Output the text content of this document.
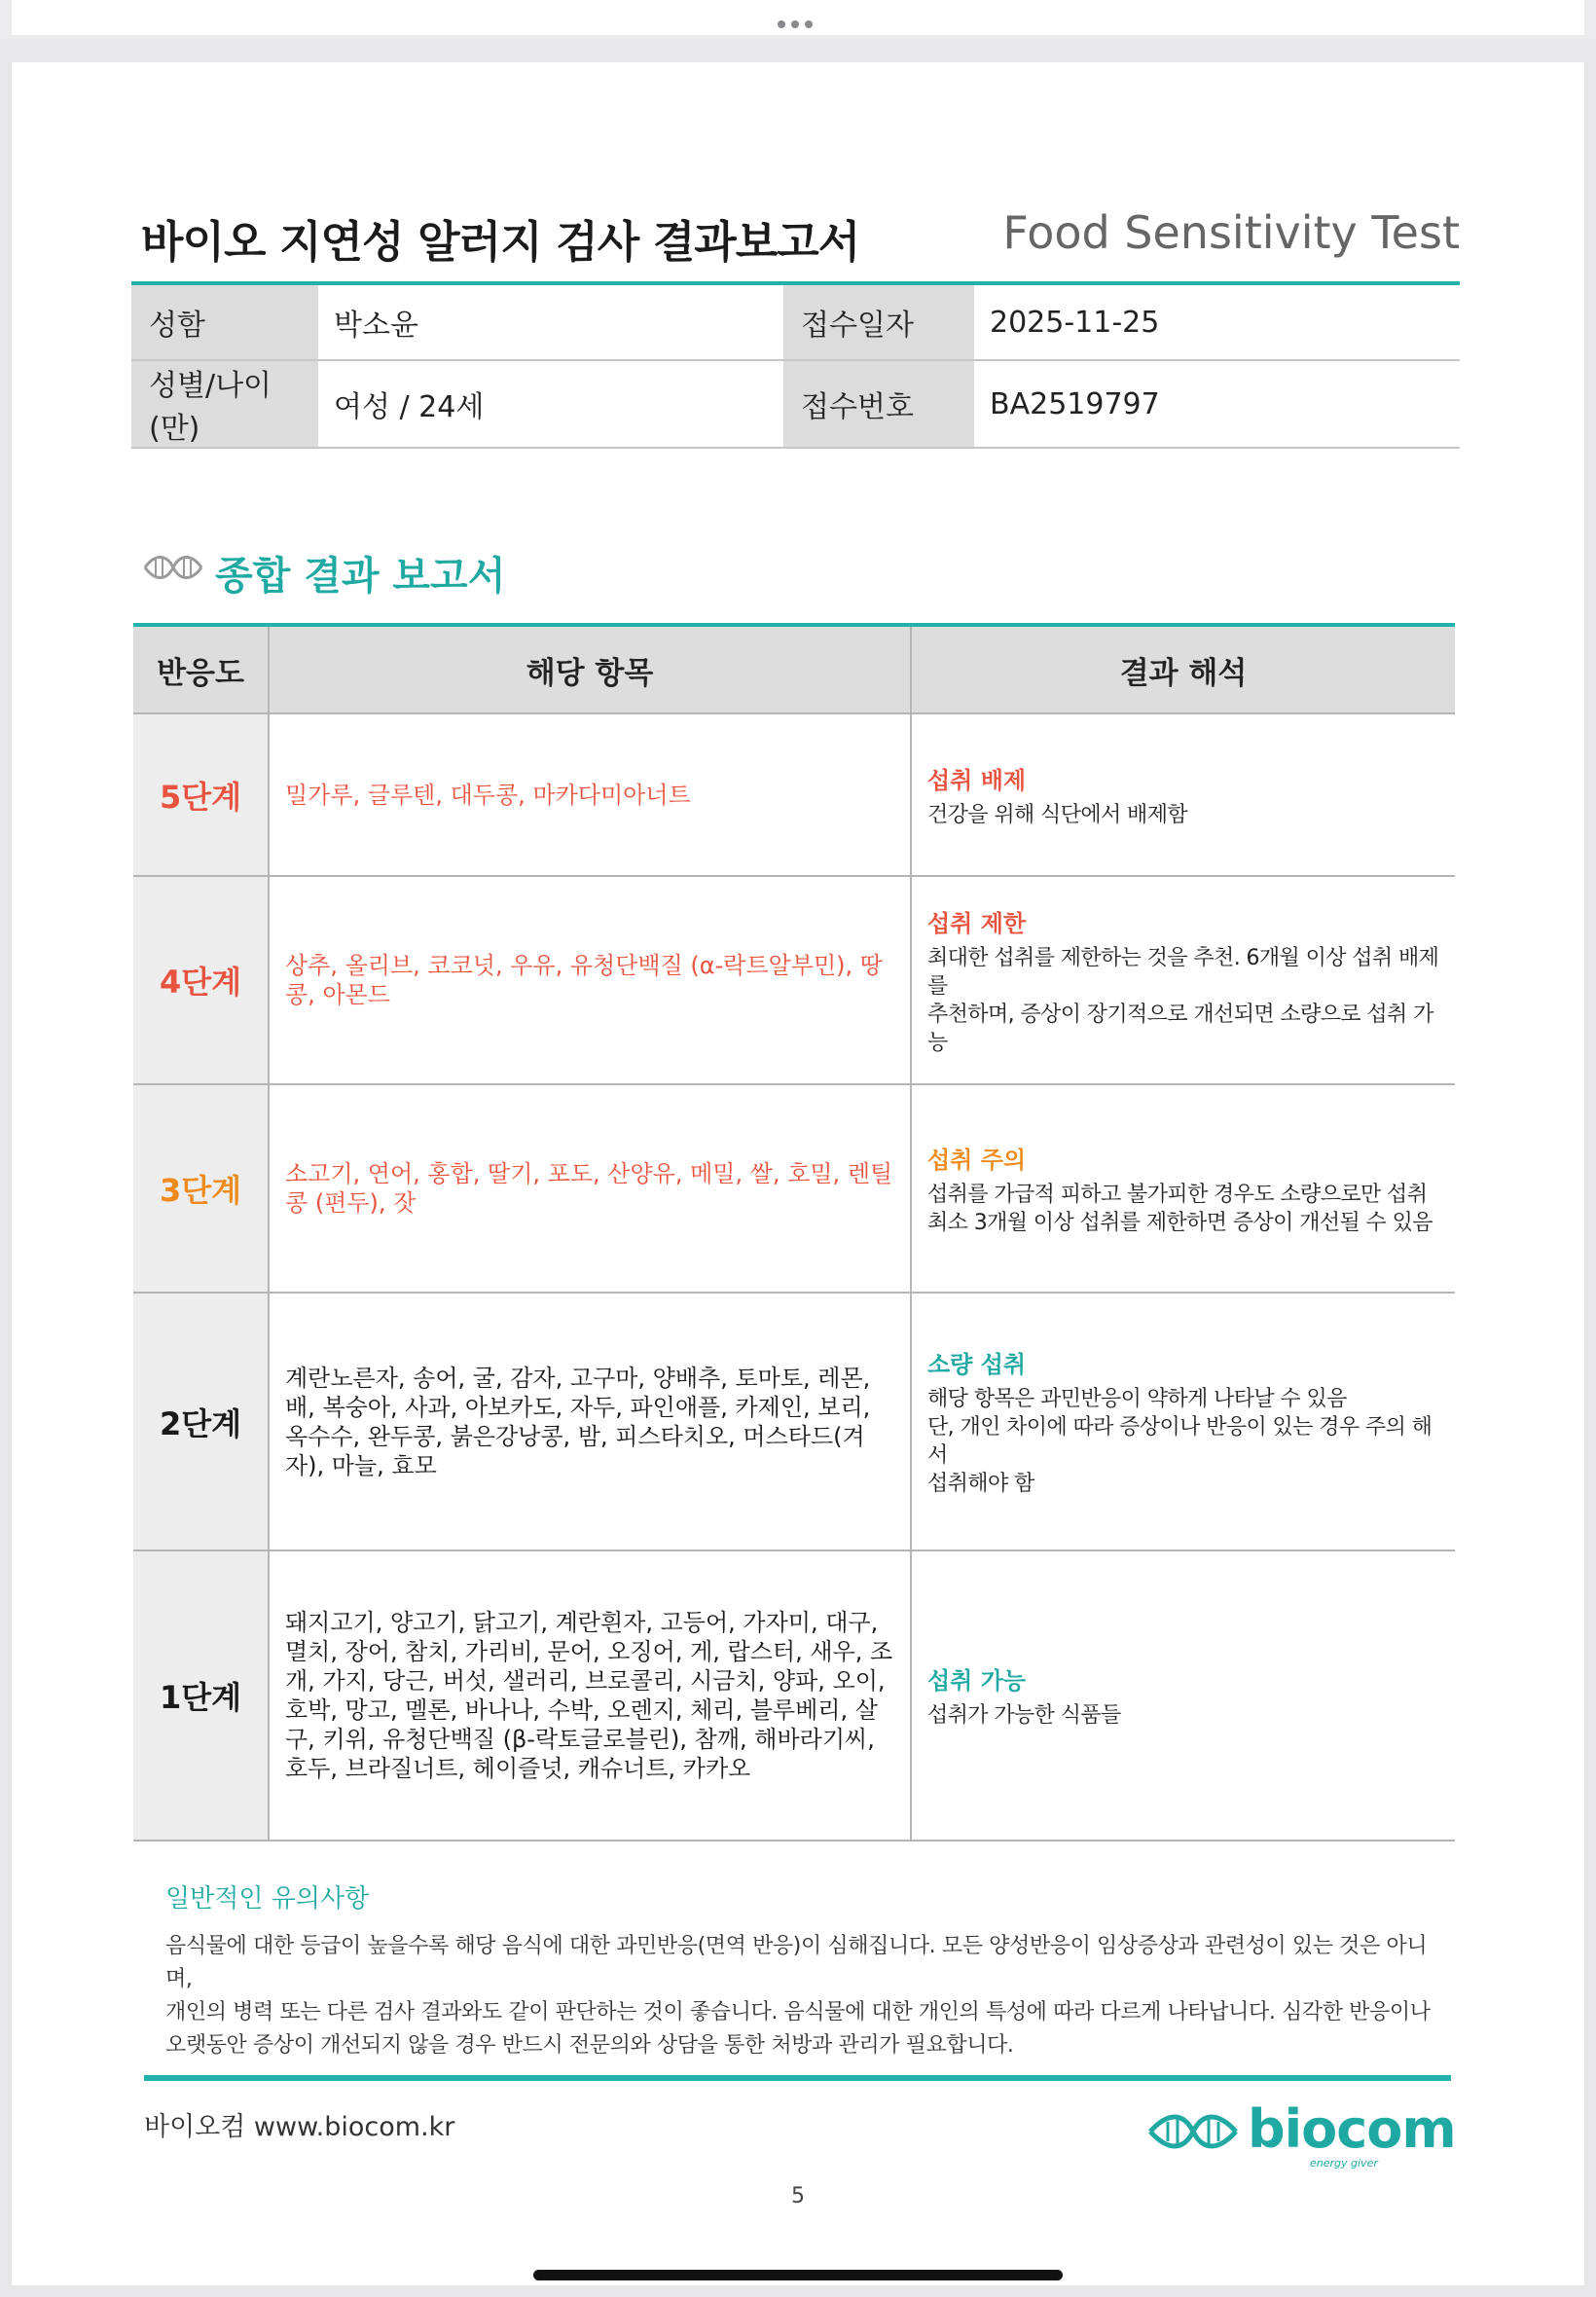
바이오 지연성 알러지 검사 결과보고서	Food Sensitivity Test
성함	박소윤	접수일자	2025-11-25
성별/나이(만)	여성 / 24세	접수번호	BA2519797
종합 결과 보고서
반응도	해당 항목	결과 해석
5단계	밀가루, 글루텐, 대두콩, 마카다미아너트	섭취 배제
건강을 위해 식단에서 배제함

4단계	상추, 올리브, 코코넛, 우유, 유청단백질 (α-락트알부민), 땅콩, 아몬드	섭취 제한
최대한 섭취를 제한하는 것을 추천. 6개월 이상 섭취 배제를
추천하며, 증상이 장기적으로 개선되면 소량으로 섭취 가능

3단계	소고기, 연어, 홍합, 딸기, 포도, 산양유, 메밀, 쌀, 호밀, 렌틸콩 (편두), 잣	섭취 주의
섭취를 가급적 피하고 불가피한 경우도 소량으로만 섭취
최소 3개월 이상 섭취를 제한하면 증상이 개선될 수 있음

2단계	계란노른자, 송어, 굴, 감자, 고구마, 양배추, 토마토, 레몬, 배, 복숭아, 사과, 아보카도, 자두, 파인애플, 카제인, 보리, 옥수수, 완두콩, 붉은강낭콩, 밤, 피스타치오, 머스타드(겨자), 마늘, 효모	소량 섭취
해당 항목은 과민반응이 약하게 나타날 수 있음
단, 개인 차이에 따라 증상이나 반응이 있는 경우 주의 해서
섭취해야 함

1단계	돼지고기, 양고기, 닭고기, 계란흰자, 고등어, 가자미, 대구, 멸치, 장어, 참치, 가리비, 문어, 오징어, 게, 랍스터, 새우, 조개, 가지, 당근, 버섯, 샐러리, 브로콜리, 시금치, 양파, 오이, 호박, 망고, 멜론, 바나나, 수박, 오렌지, 체리, 블루베리, 살구, 키위, 유청단백질 (β-락토글로블린), 참깨, 해바라기씨, 호두, 브라질너트, 헤이즐넛, 캐슈너트, 카카오	섭취 가능
섭취가 가능한 식품들
일반적인 유의사항
음식물에 대한 등급이 높을수록 해당 음식에 대한 과민반응(면역 반응)이 심해집니다. 모든 양성반응이 임상증상과 관련성이 있는 것은 아니며,
개인의 병력 또는 다른 검사 결과와도 같이 판단하는 것이 좋습니다. 음식물에 대한 개인의 특성에 따라 다르게 나타납니다. 심각한 반응이나
오랫동안 증상이 개선되지 않을 경우 반드시 전문의와 상담을 통한 처방과 관리가 필요합니다.
바이오컴 www.biocom.kr	biocom
energy giver
5
